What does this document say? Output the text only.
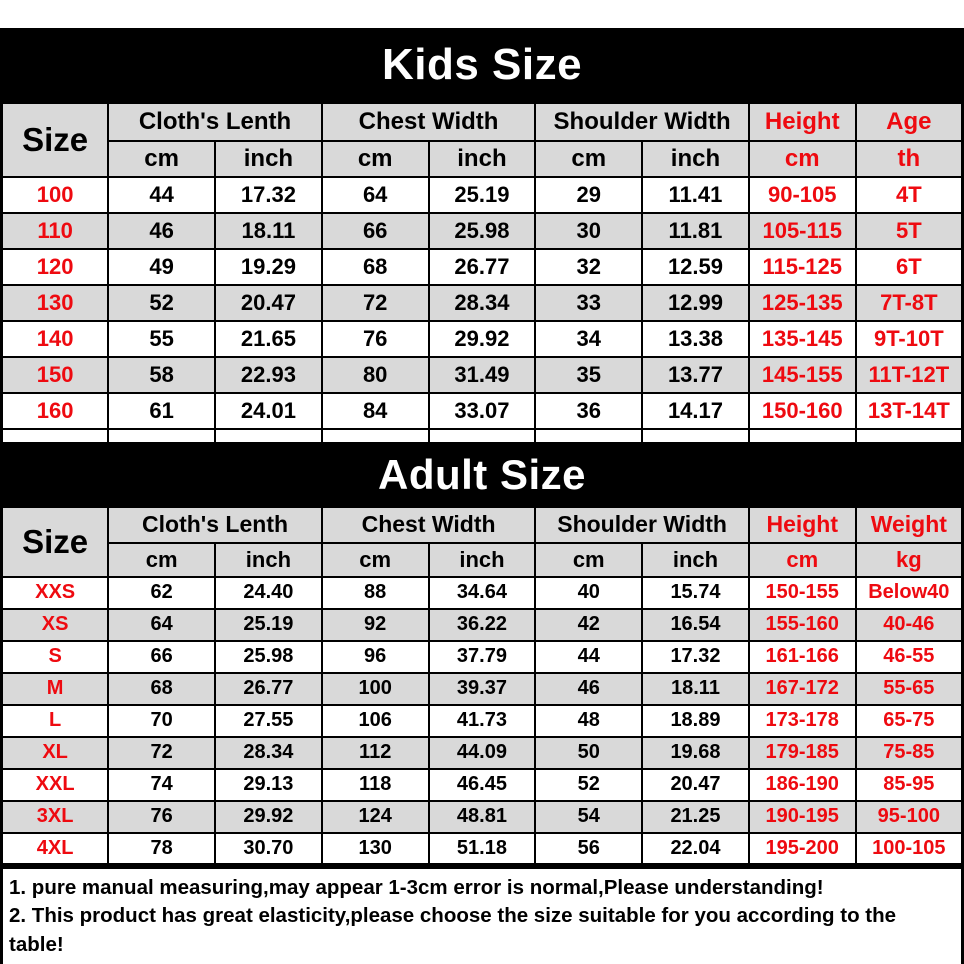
Kids Size
Size	Cloth's Lenth		Chest Width		Shoulder Width		Height	Age
	cm	inch	cm	inch	cm	inch	cm	th
100	44	17.32	64	25.19	29	11.41	90-105	4T
110	46	18.11	66	25.98	30	11.81	105-115	5T
120	49	19.29	68	26.77	32	12.59	115-125	6T
130	52	20.47	72	28.34	33	12.99	125-135	7T-8T
140	55	21.65	76	29.92	34	13.38	135-145	9T-10T
150	58	22.93	80	31.49	35	13.77	145-155	11T-12T
160	61	24.01	84	33.07	36	14.17	150-160	13T-14T

Adult Size
Size	Cloth's Lenth		Chest Width		Shoulder Width		Height	Weight
	cm	inch	cm	inch	cm	inch	cm	kg
XXS	62	24.40	88	34.64	40	15.74	150-155	Below40
XS	64	25.19	92	36.22	42	16.54	155-160	40-46
S	66	25.98	96	37.79	44	17.32	161-166	46-55
M	68	26.77	100	39.37	46	18.11	167-172	55-65
L	70	27.55	106	41.73	48	18.89	173-178	65-75
XL	72	28.34	112	44.09	50	19.68	179-185	75-85
XXL	74	29.13	118	46.45	52	20.47	186-190	85-95
3XL	76	29.92	124	48.81	54	21.25	190-195	95-100
4XL	78	30.70	130	51.18	56	22.04	195-200	100-105
1. pure manual measuring,may appear 1-3cm error is normal,Please understanding!
2. This product has great elasticity,please choose the size suitable for you according to the table!
